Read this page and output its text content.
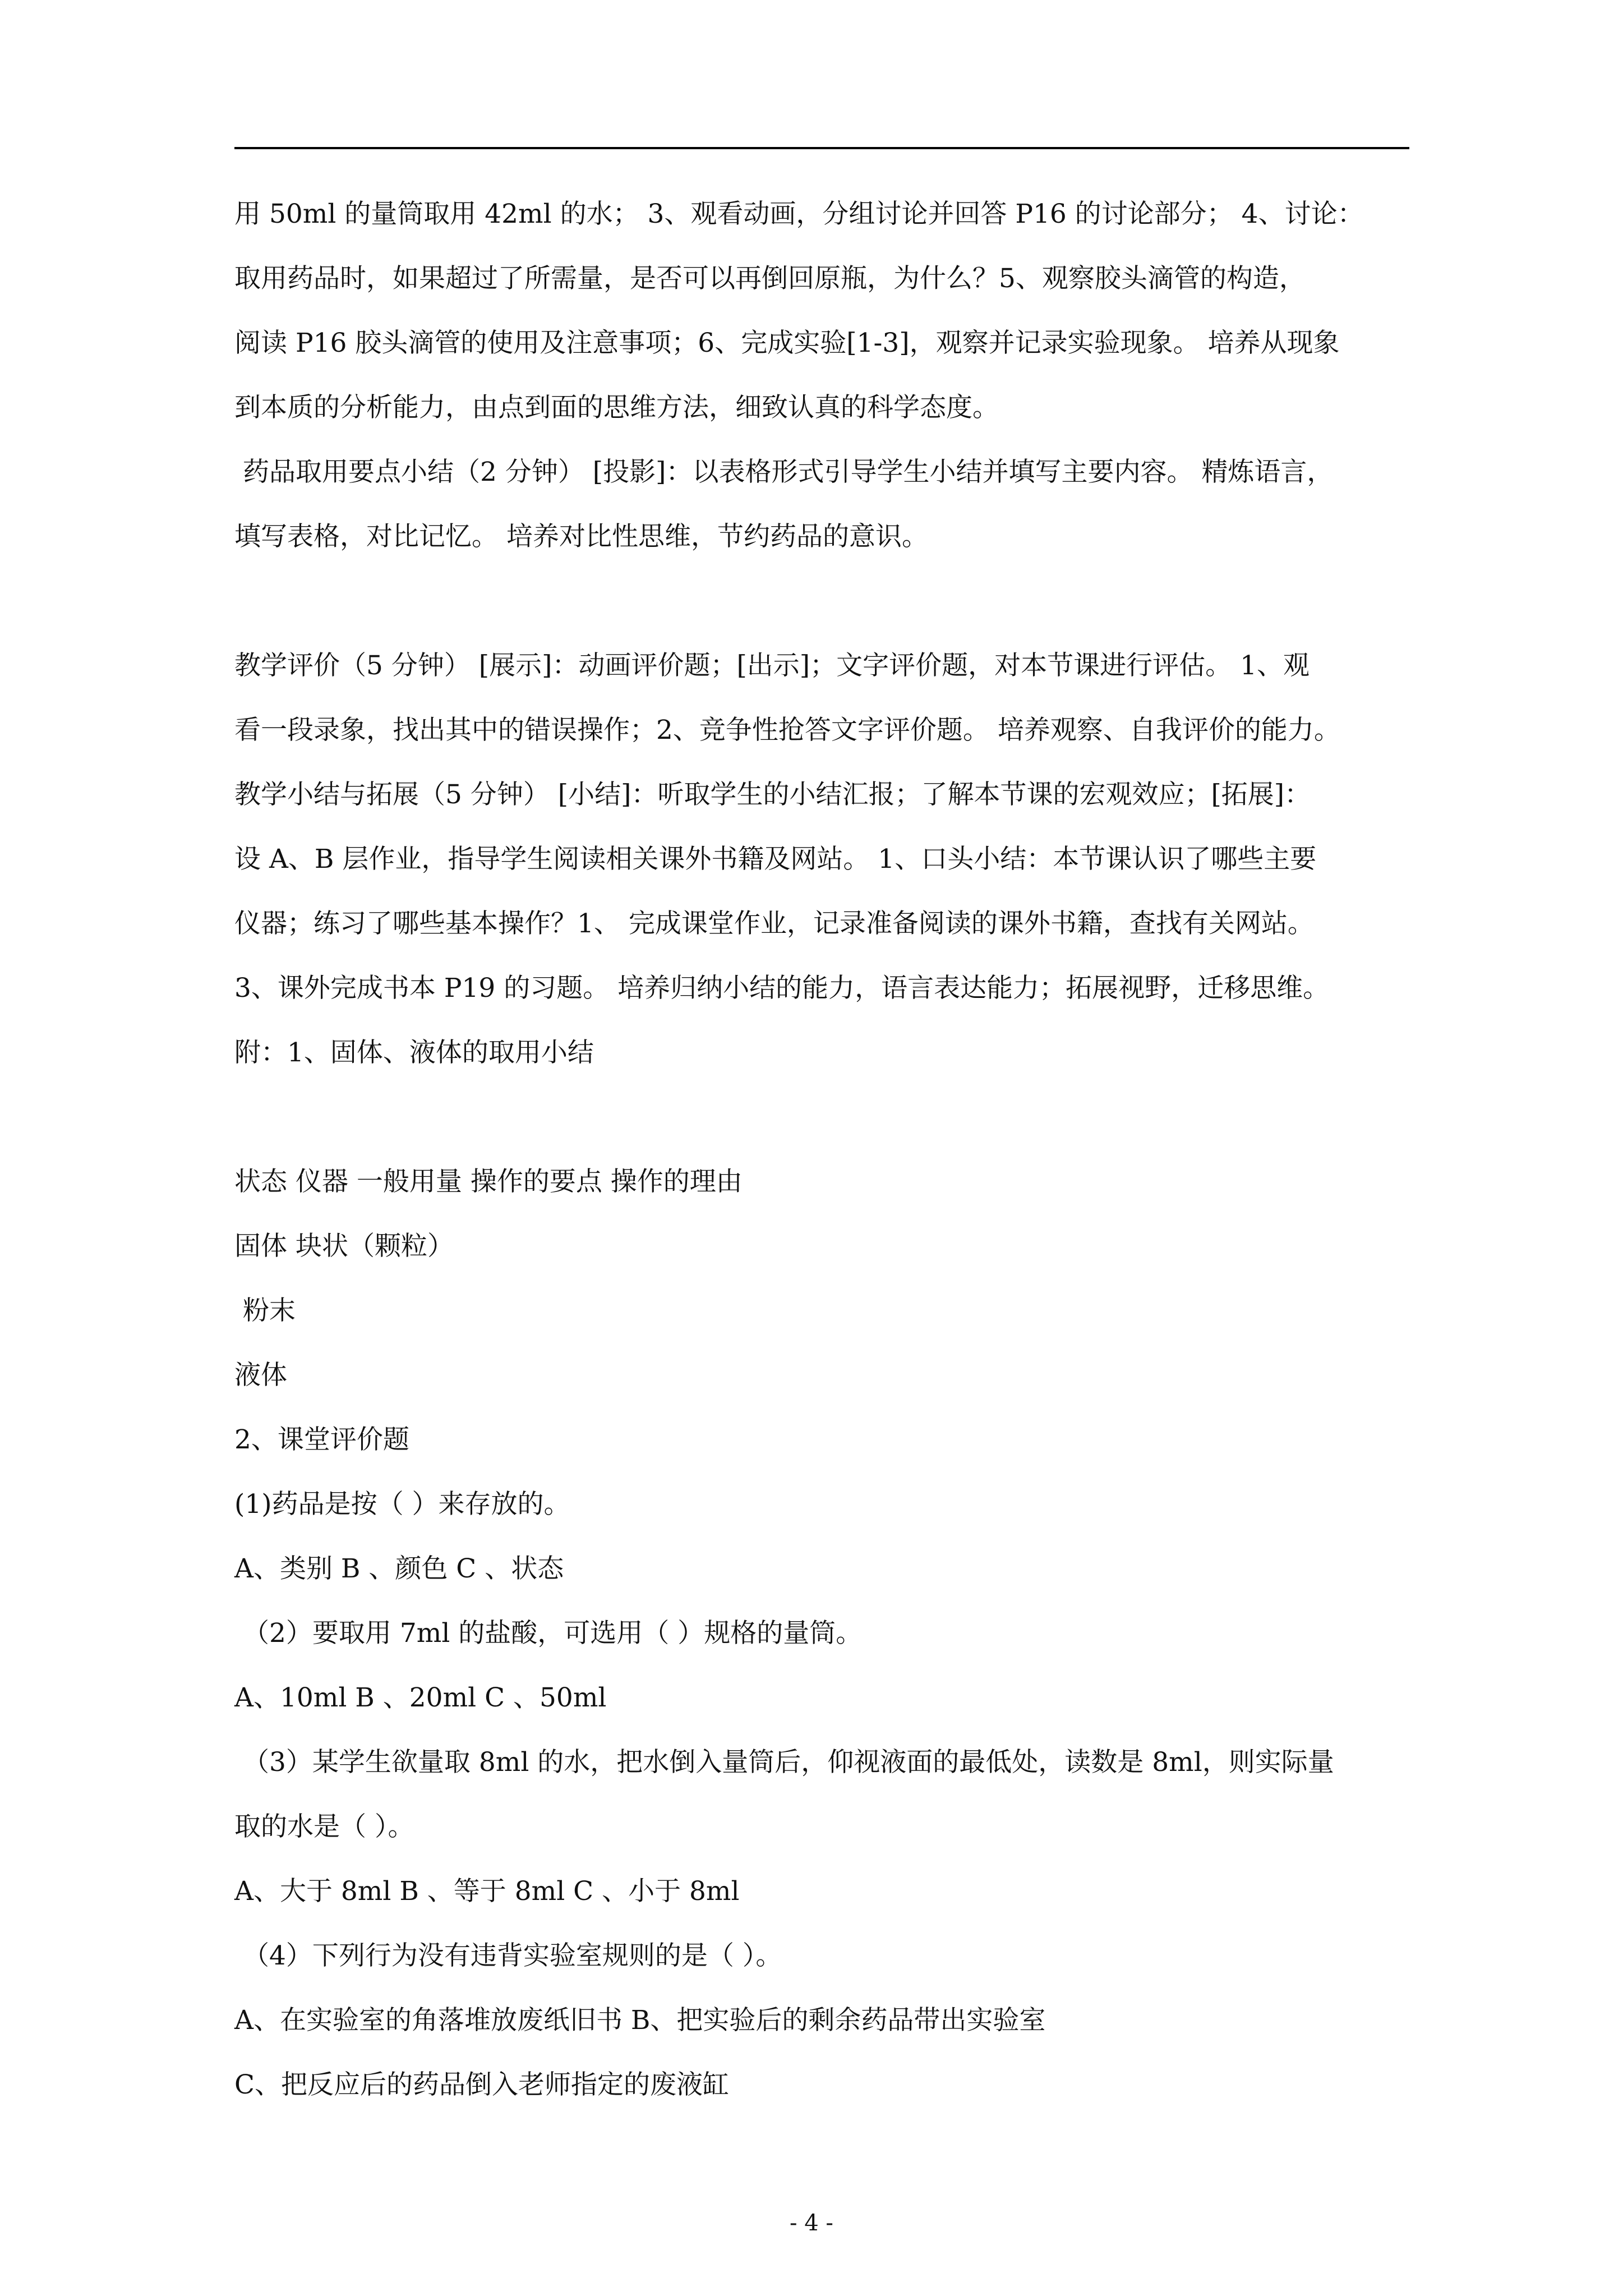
用 50ml 的量筒取用 42ml 的水； 3、观看动画，分组讨论并回答 P16 的讨论部分； 4、讨论：
取用药品时，如果超过了所需量，是否可以再倒回原瓶，为什么？5、观察胶头滴管的构造，
阅读 P16 胶头滴管的使用及注意事项；6、完成实验[1-3]，观察并记录实验现象。 培养从现象
到本质的分析能力，由点到面的思维方法，细致认真的科学态度。
药品取用要点小结（2 分钟） [投影]：以表格形式引导学生小结并填写主要内容。 精炼语言，
填写表格，对比记忆。 培养对比性思维，节约药品的意识。
教学评价（5 分钟） [展示]：动画评价题；[出示]；文字评价题，对本节课进行评估。 1、观
看一段录象，找出其中的错误操作；2、竞争性抢答文字评价题。 培养观察、自我评价的能力。
教学小结与拓展（5 分钟） [小结]：听取学生的小结汇报；了解本节课的宏观效应；[拓展]：
设 A、B 层作业，指导学生阅读相关课外书籍及网站。 1、口头小结：本节课认识了哪些主要
仪器；练习了哪些基本操作？1、 完成课堂作业，记录准备阅读的课外书籍，查找有关网站。
3、课外完成书本 P19 的习题。 培养归纳小结的能力，语言表达能力；拓展视野，迁移思维。
附：1、固体、液体的取用小结
状态 仪器 一般用量 操作的要点 操作的理由
固体 块状（颗粒）
粉末
液体
2、课堂评价题
(1)药品是按（ ）来存放的。
A、类别 B 、颜色 C 、状态
（2）要取用 7ml 的盐酸，可选用（ ）规格的量筒。
A、10ml B 、20ml C 、50ml
（3）某学生欲量取 8ml 的水，把水倒入量筒后，仰视液面的最低处，读数是 8ml，则实际量
取的水是（ ）。
A、大于 8ml B 、等于 8ml C 、小于 8ml
（4）下列行为没有违背实验室规则的是（ ）。
A、在实验室的角落堆放废纸旧书 B、把实验后的剩余药品带出实验室
C、把反应后的药品倒入老师指定的废液缸
- 4 -
